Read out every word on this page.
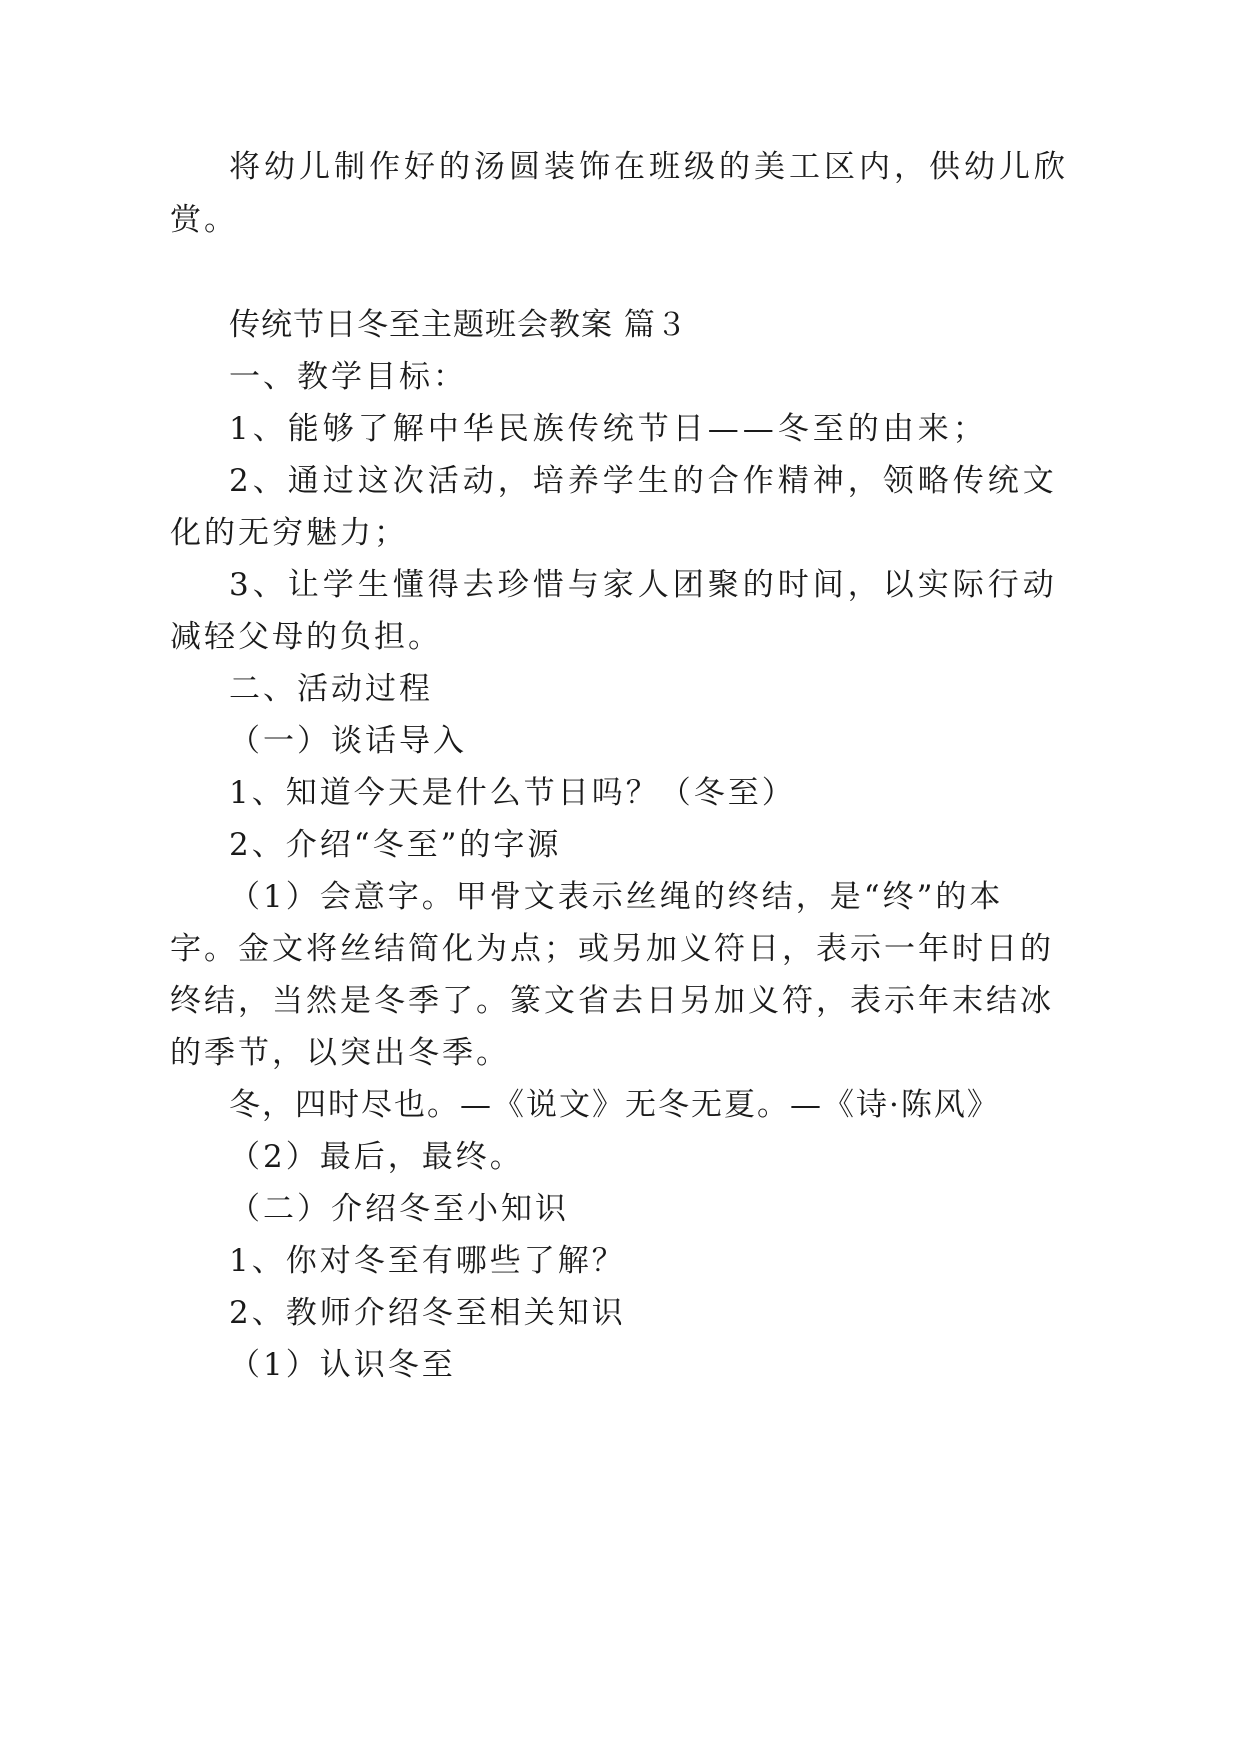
将幼儿制作好的汤圆装饰在班级的美工区内，供幼儿欣
赏。
传统节日冬至主题班会教案 篇３
一、教学目标：
1、能够了解中华民族传统节日——冬至的由来；
2、通过这次活动，培养学生的合作精神，领略传统文
化的无穷魅力；
3、让学生懂得去珍惜与家人团聚的时间，以实际行动
减轻父母的负担。
二、活动过程
（一）谈话导入
1、知道今天是什么节日吗？（冬至）
2、介绍“冬至”的字源
（1）会意字。甲骨文表示丝绳的终结，是“终”的本
字。金文将丝结简化为点；或另加义符日，表示一年时日的
终结，当然是冬季了。篆文省去日另加义符，表示年末结冰
的季节，以突出冬季。
冬，四时尽也。—《说文》无冬无夏。—《诗·陈风》
（2）最后，最终。
（二）介绍冬至小知识
1、你对冬至有哪些了解？
2、教师介绍冬至相关知识
（1）认识冬至
